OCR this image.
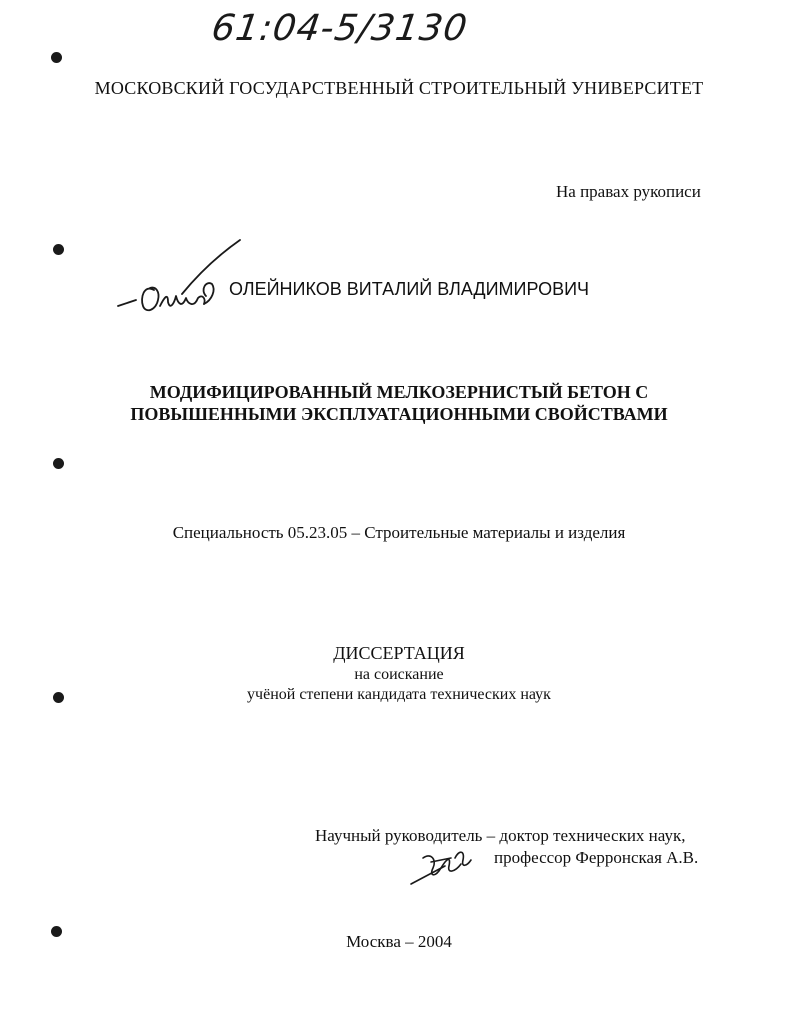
61:04-5/3130
МОСКОВСКИЙ ГОСУДАРСТВЕННЫЙ СТРОИТЕЛЬНЫЙ УНИВЕРСИТЕТ
На правах рукописи
ОЛЕЙНИКОВ ВИТАЛИЙ ВЛАДИМИРОВИЧ
МОДИФИЦИРОВАННЫЙ МЕЛКОЗЕРНИСТЫЙ БЕТОН С
ПОВЫШЕННЫМИ ЭКСПЛУАТАЦИОННЫМИ СВОЙСТВАМИ
Специальность 05.23.05 – Строительные материалы и изделия
ДИССЕРТАЦИЯ
на соискание
учёной степени кандидата технических наук
Научный руководитель – доктор технических наук,
профессор Ферронская А.В.
Москва – 2004
